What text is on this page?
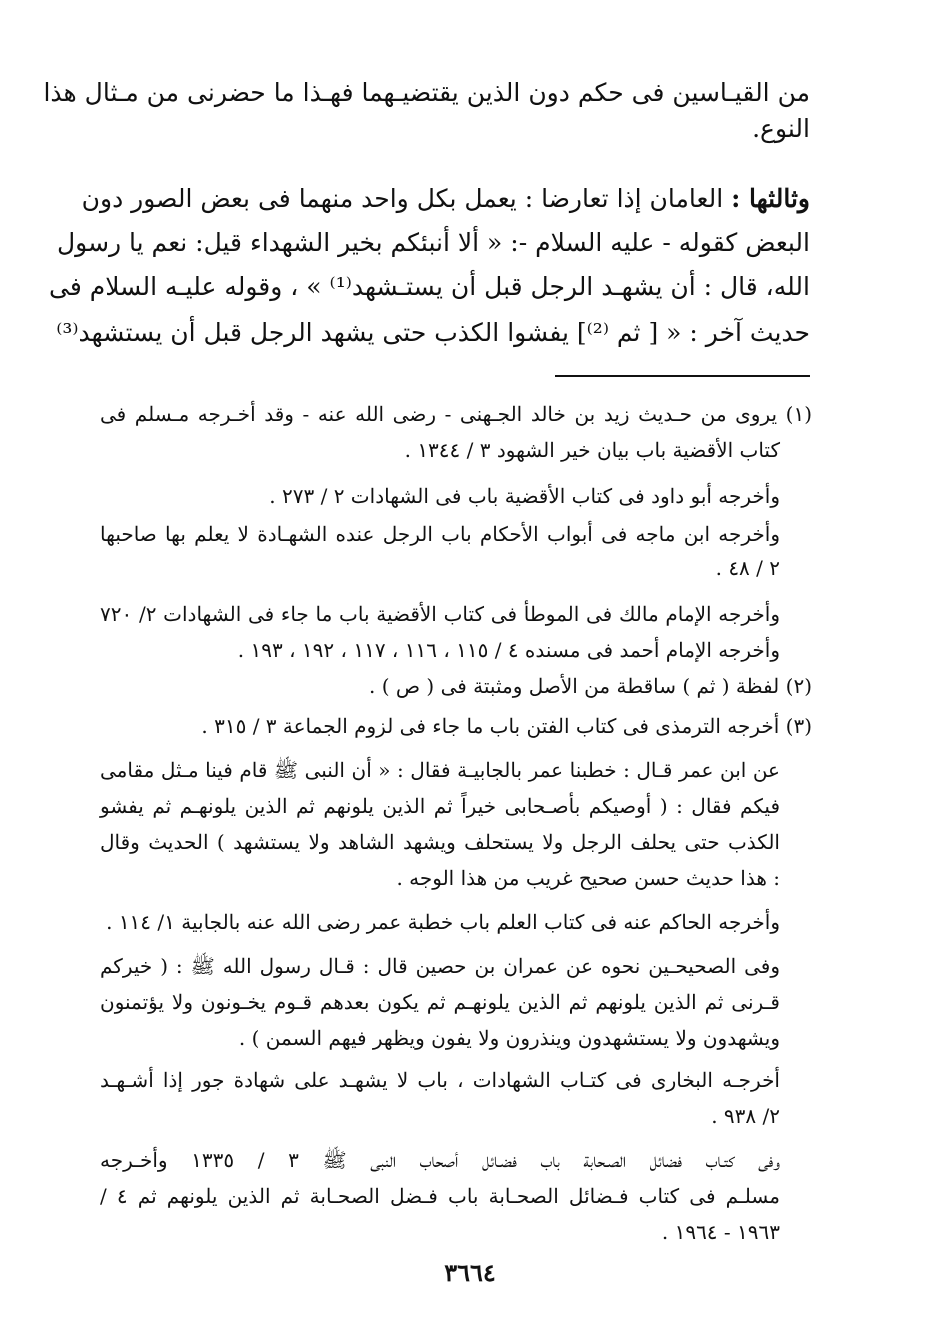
من القيـاسين فى حكم دون الذين يقتضيـهما فهـذا ما حضرنى من مـثال هذا
النوع.
وثالثها : العامان إذا تعارضا : يعمل بكل واحد منهما فى بعض الصور دون
البعض كقوله - عليه السلام -: « ألا أنبئكم بخير الشهداء قيل: نعم يا رسول
الله، قال : أن يشهـد الرجل قبل أن يستـشهد⁽¹⁾ » ، وقوله عليـه السلام فى
حديث آخر : « [ ثم ⁽²⁾] يفشوا الكذب حتى يشهد الرجل قبل أن يستشهد⁽³⁾
(١) يروى من حـديث زيد بن خالد الجـهنى - رضى الله عنه - وقد أخـرجه مـسلم فى
كتاب الأقضية باب بيان خير الشهود ٣ / ١٣٤٤ .
وأخرجه أبو داود فى كتاب الأقضية باب فى الشهادات ٢ / ٢٧٣ .
وأخرجه ابن ماجه فى أبواب الأحكام باب الرجل عنده الشهـادة لا يعلم بها صاحبها
٢ / ٤٨ .
وأخرجه الإمام مالك فى الموطأ فى كتاب الأقضية باب ما جاء فى الشهادات ٢/ ٧٢٠
وأخرجه الإمام أحمد فى مسنده ٤ / ١١٥ ، ١١٦ ، ١١٧ ، ١٩٢ ، ١٩٣ .
(٢) لفظة ( ثم ) ساقطة من الأصل ومثبتة فى ( ص ) .
(٣) أخرجه الترمذى فى كتاب الفتن باب ما جاء فى لزوم الجماعة ٣ / ٣١٥ .
عن ابن عمر قـال : خطبنا عمر بالجابيـة فقال : « أن النبى ﷺ قام فينا مـثل مقامى
فيكم فقال : ( أوصيكم بأصـحابى خيراً ثم الذين يلونهم ثم الذين يلونهـم ثم يفشو
الكذب حتى يحلف الرجل ولا يستحلف ويشهد الشاهد ولا يستشهد ) الحديث وقال
: هذا حديث حسن صحيح غريب من هذا الوجه .
وأخرجه الحاكم عنه فى كتاب العلم باب خطبة عمر رضى الله عنه بالجابية ١/ ١١٤ .
وفى الصحيحـين نحوه عن عمران بن حصين قال : قـال رسول الله ﷺ : ( خيركم
قـرنى ثم الذين يلونهم ثم الذين يلونهـم ثم يكون بعدهم قـوم يخـونون ولا يؤتمنون
ويشهدون ولا يستشهدون وينذرون ولا يفون ويظهر فيهم السمن ) .
أخرجـه البخارى فى كتـاب الشهادات ، باب لا يشهـد على شهادة جور إذا أشـهـد
٢/ ٩٣٨ .
وفى كتـاب فضائل الصـحابة باب فضـائل أصحاب النبى ﷺ ٣ / ١٣٣٥ وأخـرجه
مسلـم فى كتاب فـضائل الصحـابة باب فـضل الصحـابة ثم الذين يلونهم ثم ٤ /
١٩٦٣ - ١٩٦٤ .
٣٦٦٤
